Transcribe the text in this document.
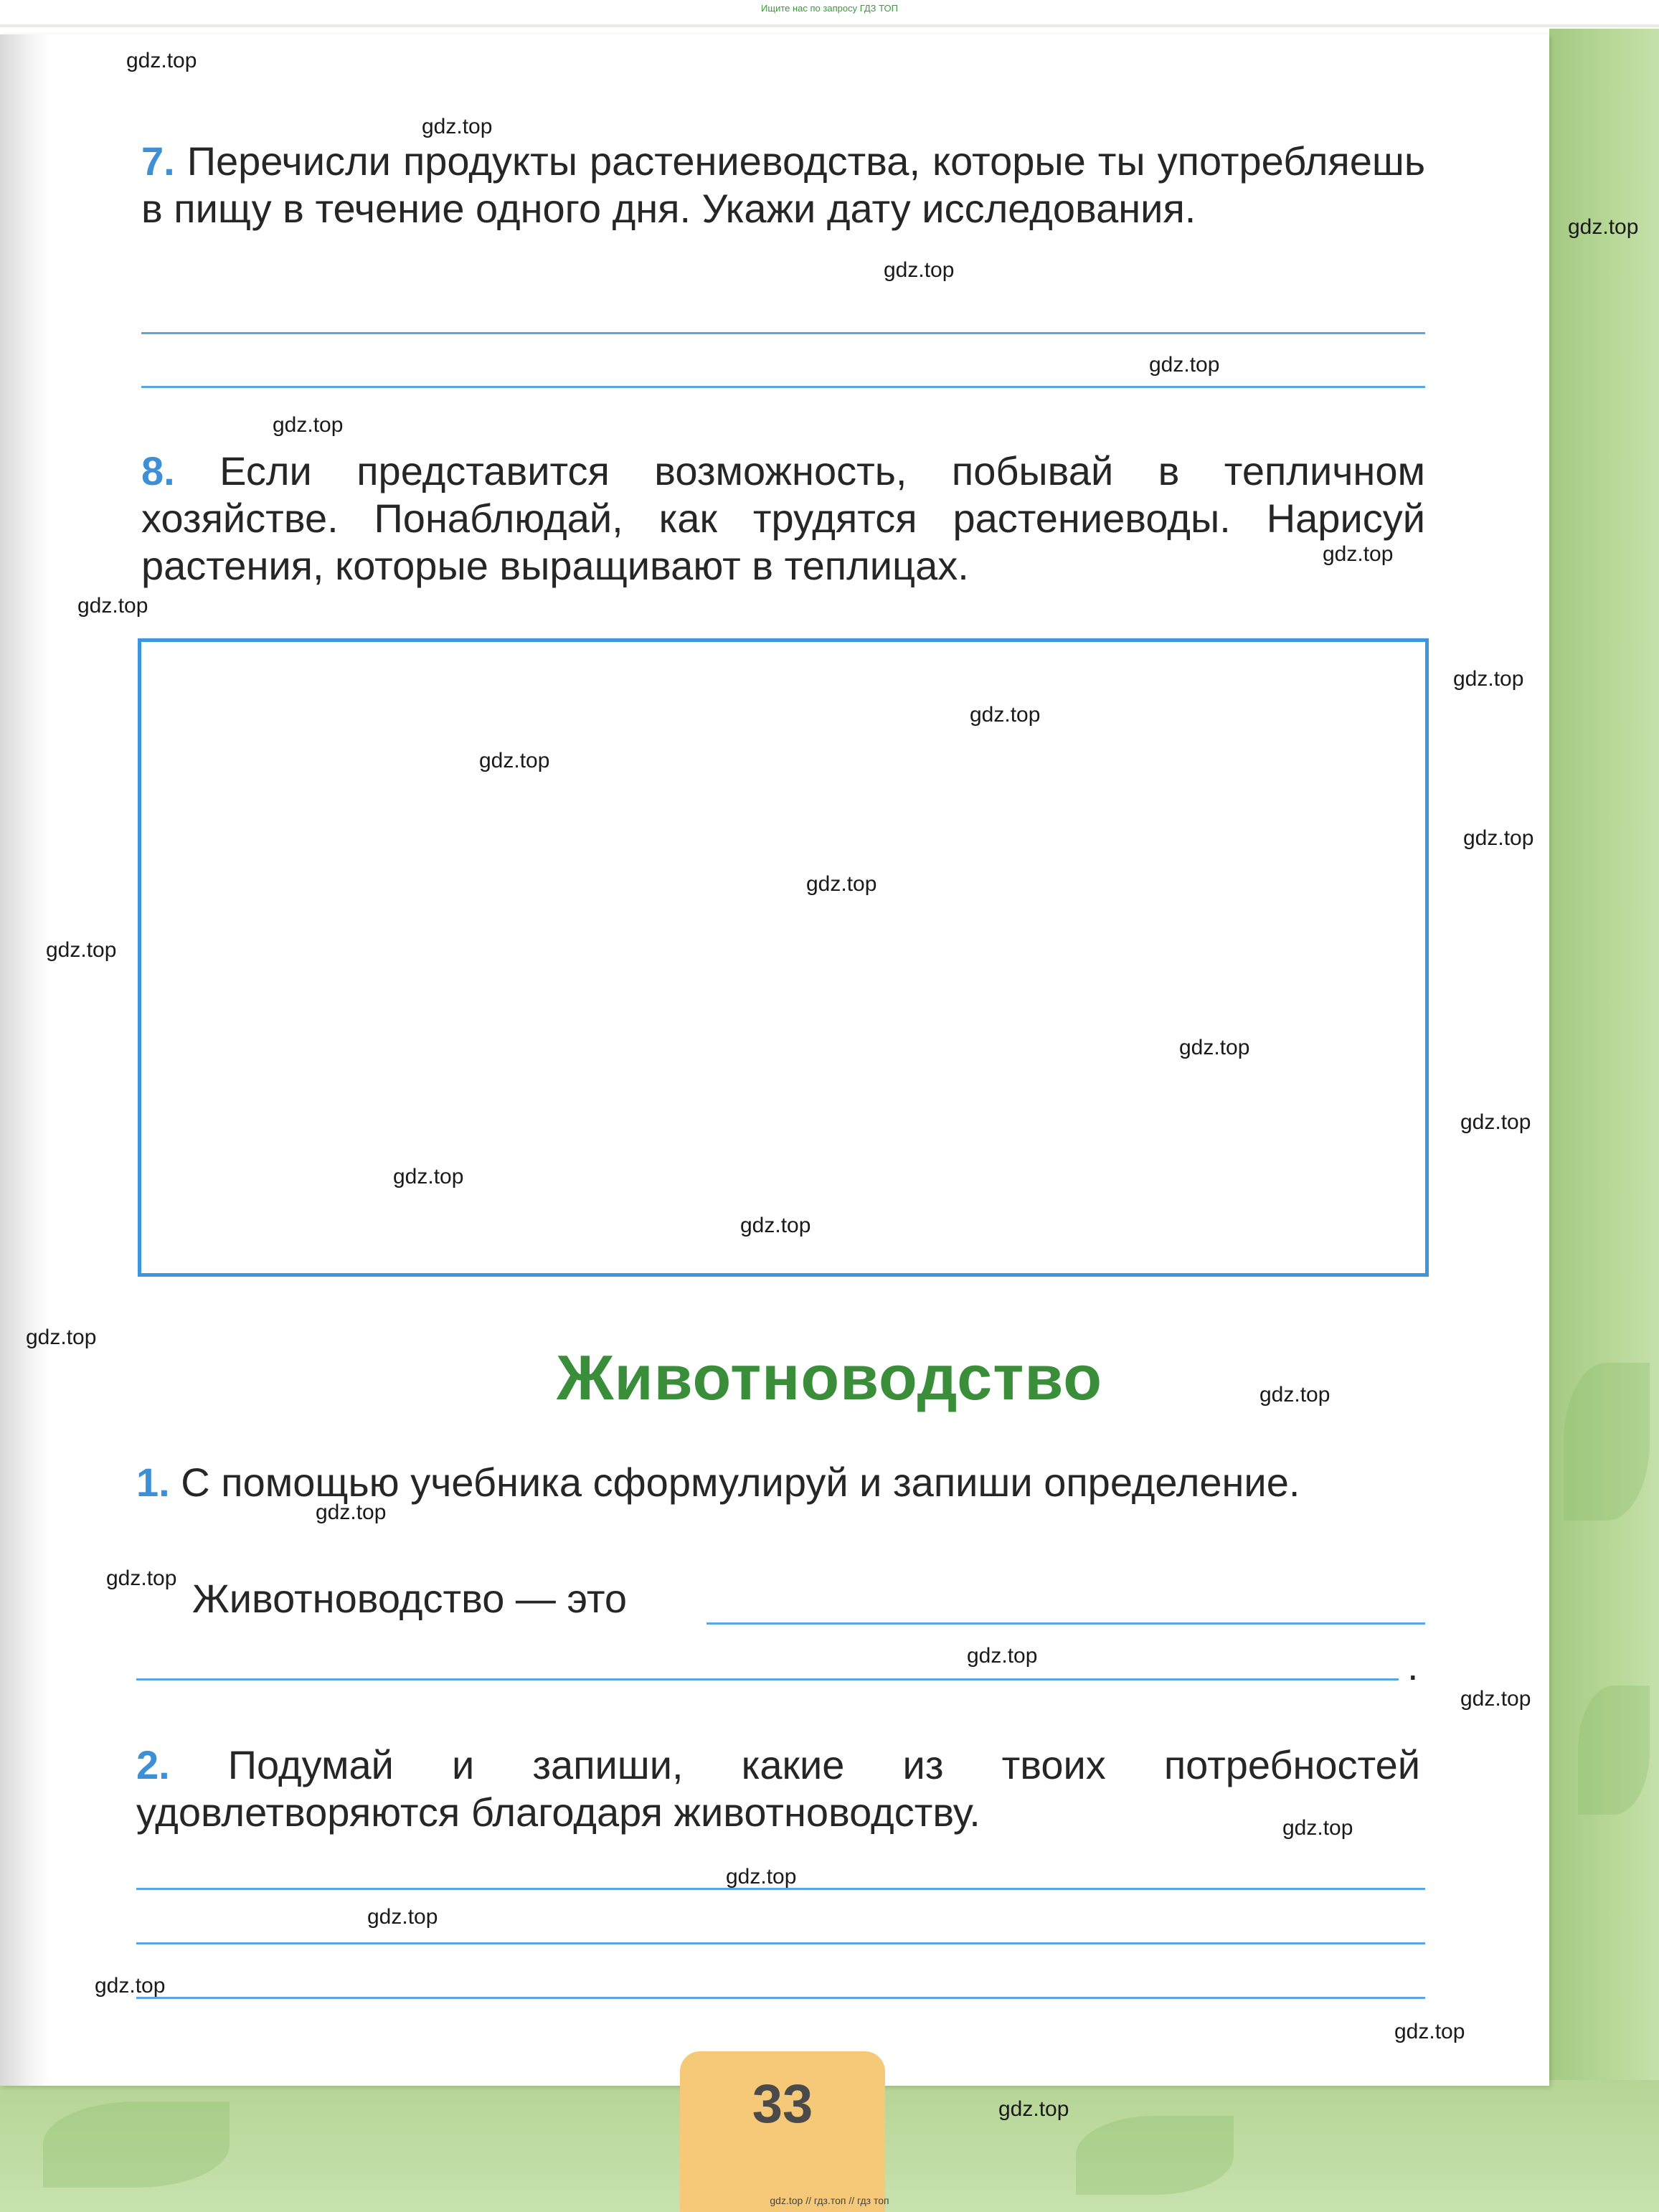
Ищите нас по запросу ГДЗ ТОП
7. Перечисли продукты растениеводства, которые ты употребляешь в пищу в течение одного дня. Укажи дату исследования.
8. Если представится возможность, побывай в тепличном хозяйстве. Понаблюдай, как трудятся растениеводы. Нарисуй растения, которые выращивают в теплицах.
Животноводство
1. С помощью учебника сформулируй и запиши определение.
Животноводство — это
.
2. Подумай и запиши, какие из твоих потребностей удовлетворяются благодаря животноводству.
33
gdz.top
gdz.top
gdz.top
gdz.top
gdz.top
gdz.top
gdz.top
gdz.top
gdz.top
gdz.top
gdz.top
gdz.top
gdz.top
gdz.top
gdz.top
gdz.top
gdz.top
gdz.top
gdz.top
gdz.top
gdz.top
gdz.top
gdz.top
gdz.top
gdz.top
gdz.top
gdz.top
gdz.top
gdz.top
gdz.top
gdz.top // гдз.топ // гдз топ
